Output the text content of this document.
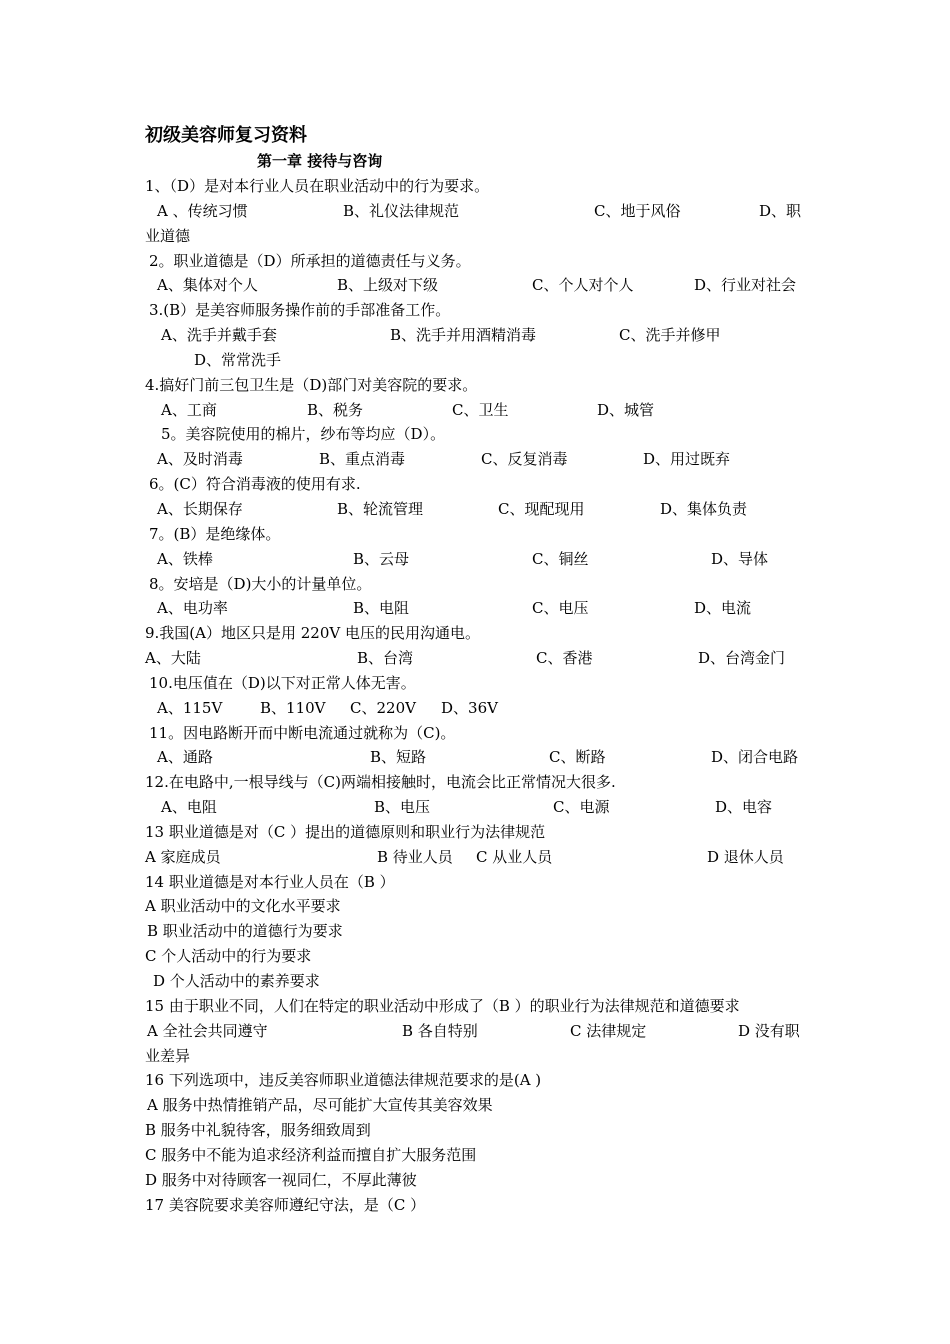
初级美容师复习资料
第一章 接待与咨询
1、（D）是对本行业人员在职业活动中的行为要求。
A 、传统习惯	B、礼仪法律规范	C、地于风俗	D、职
业道德
2。职业道德是（D）所承担的道德责任与义务。
A、集体对个人	B、上级对下级	C、个人对个人	D、行业对社会
3.(B）是美容师服务操作前的手部准备工作。
A、洗手并戴手套	B、洗手并用酒精消毒	C、洗手并修甲
D、常常洗手
4.搞好门前三包卫生是（D)部门对美容院的要求。
A、工商	B、税务	C、卫生	D、城管
5。美容院使用的棉片，纱布等均应（D）。
A、及时消毒	B、重点消毒	C、反复消毒	D、用过既弃
6。(C）符合消毒液的使用有求.
A、长期保存	B、轮流管理	C、现配现用	D、集体负责
7。(B）是绝缘体。
A、铁棒	B、云母	C、铜丝	D、导体
8。安培是（D)大小的计量单位。
A、电功率	B、电阻	C、电压	D、电流
9.我国(A）地区只是用 220V 电压的民用沟通电。
A、大陆	B、台湾	C、香港	D、台湾金门
10.电压值在（D)以下对正常人体无害。
A、115V	B、110V C、220V D、36V
11。因电路断开而中断电流通过就称为（C)。
A、通路	B、短路	C、断路	D、闭合电路
12.在电路中,一根导线与（C)两端相接触时，电流会比正常情况大很多.
A、电阻	B、电压	C、电源	D、电容
13 职业道德是对（C ）提出的道德原则和职业行为法律规范
A 家庭成员	B 待业人员 C 从业人员	D 退休人员
14 职业道德是对本行业人员在（B ）
A 职业活动中的文化水平要求
B 职业活动中的道德行为要求
C 个人活动中的行为要求
D 个人活动中的素养要求
15 由于职业不同，人们在特定的职业活动中形成了（B ）的职业行为法律规范和道德要求
A 全社会共同遵守	B 各自特别	C 法律规定	D 没有职
业差异
16 下列选项中，违反美容师职业道德法律规范要求的是(A )
A 服务中热情推销产品，尽可能扩大宣传其美容效果
B 服务中礼貌待客，服务细致周到
C 服务中不能为追求经济利益而擅自扩大服务范围
D 服务中对待顾客一视同仁，不厚此薄彼
17 美容院要求美容师遵纪守法，是（C ）
